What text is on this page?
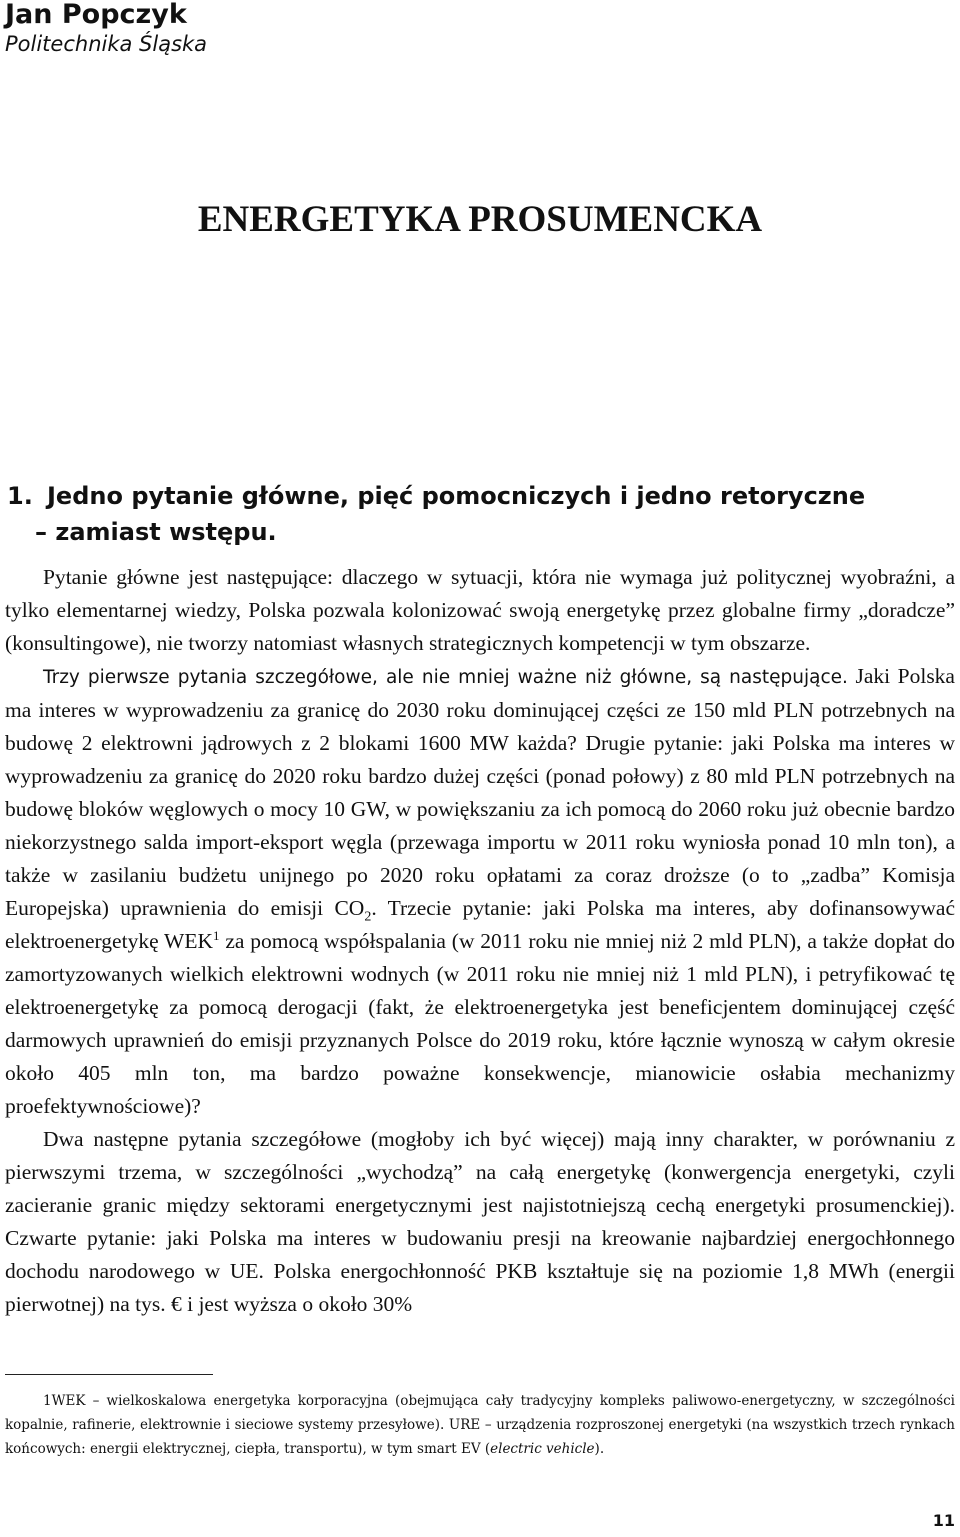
Jan Popczyk

Politechnika Śląska

ENERGETYKA PROSUMENCKA
1. Jedno pytanie główne, pięć pomocniczych i jedno retoryczne
– zamiast wstępu.

Pytanie główne jest następujące: dlaczego w sytuacji, która nie wymaga już politycznej wyobraźni, a tylko elementarnej wiedzy, Polska pozwala kolonizować swoją energetykę przez globalne firmy „doradcze” (konsultingowe), nie tworzy natomiast własnych strategicznych kompetencji w tym obszarze.

Trzy pierwsze pytania szczegółowe, ale nie mniej ważne niż główne, są następujące. Jaki Polska ma interes w wyprowadzeniu za granicę do 2030 roku dominującej części ze 150 mld PLN potrzebnych na budowę 2 elektrowni jądrowych z 2 blokami 1600 MW każda? Drugie pytanie: jaki Polska ma interes w wyprowadzeniu za granicę do 2020 roku bardzo dużej części (ponad połowy) z 80 mld PLN potrzebnych na budowę bloków węglowych o mocy 10 GW, w powiększaniu za ich pomocą do 2060 roku już obecnie bardzo niekorzystnego salda import-eksport węgla (przewaga importu w 2011 roku wyniosła ponad 10 mln ton), a także w zasilaniu budżetu unijnego po 2020 roku opłatami za coraz droższe (o to „zadba” Komisja Europejska) uprawnienia do emisji $CO_2$. Trzecie pytanie: jaki Polska ma interes, aby dofinansowywać elektroenergetykę WEK$^1$ za pomocą współspalania (w 2011 roku nie mniej niż 2 mld PLN), a także dopłat do zamortyzowanych wielkich elektrowni wodnych (w 2011 roku nie mniej niż 1 mld PLN), i petryfikować tę elektroenergetykę za pomocą derogacji (fakt, że elektroenergetyka jest beneficjentem dominującej część darmowych uprawnień do emisji przyznanych Polsce do 2019 roku, które łącznie wynoszą w całym okresie około 405 mln ton, ma bardzo poważne konsekwencje, mianowicie osłabia mechanizmy proefektywnościowe)?

Dwa następne pytania szczegółowe (mogłoby ich być więcej) mają inny charakter, w porównaniu z pierwszymi trzema, w szczególności „wychodzą” na całą energetykę (konwergencja energetyki, czyli zacieranie granic między sektorami energetycznymi jest najistotniejszą cechą energetyki prosumenckiej). Czwarte pytanie: jaki Polska ma interes w budowaniu presji na kreowanie najbardziej energochłonnego dochodu narodowego w UE. Polska energochłonność PKB kształtuje się na poziomie 1,8 MWh (energii pierwotnej) na tys. € i jest wyższa o około 30%

1WEK – wielkoskalowa energetyka korporacyjna (obejmująca cały tradycyjny kompleks paliwowo-energetyczny, w szczególności kopalnie, rafinerie, elektrownie i sieciowe systemy przesyłowe). URE – urządzenia rozproszonej energetyki (na wszystkich trzech rynkach końcowych: energii elektrycznej, ciepła, transportu), w tym smart EV (electric vehicle).

11
